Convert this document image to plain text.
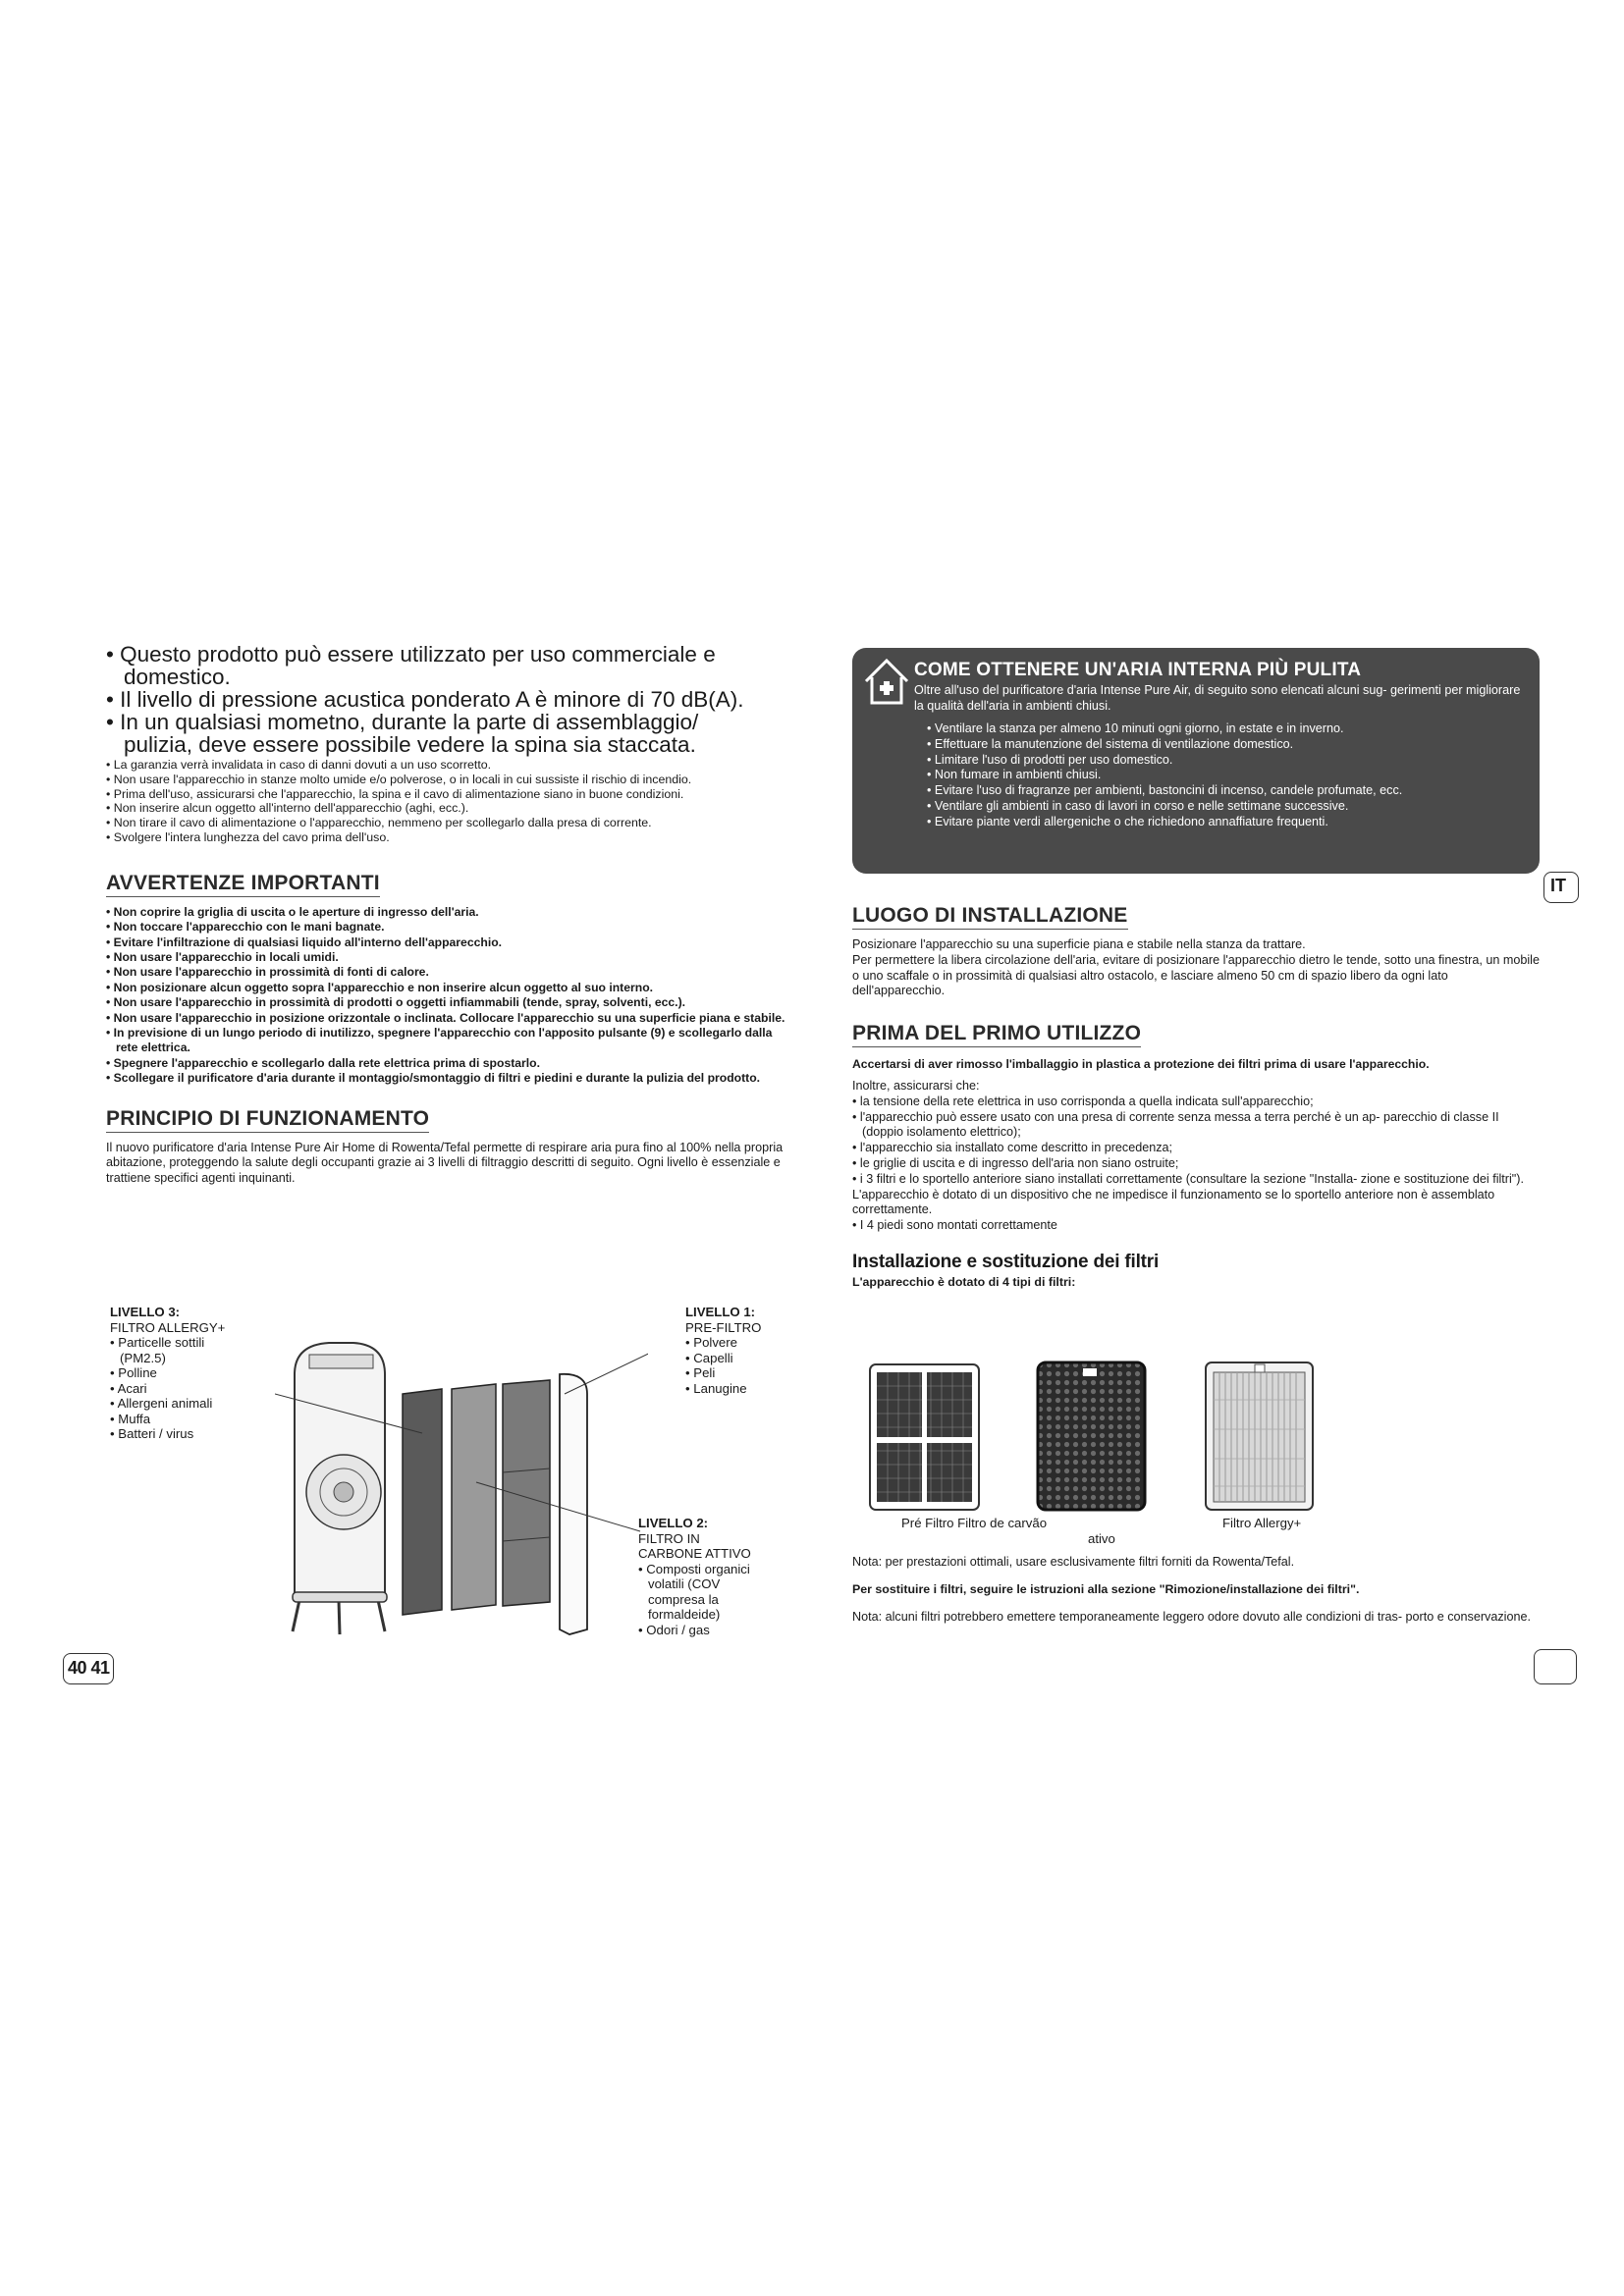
• Questo prodotto può essere utilizzato per uso commerciale e domestico.
• Il livello di pressione acustica ponderato A è minore di 70 dB(A).
• In un qualsiasi mometno, durante la parte di assemblaggio/ pulizia, deve essere possibile vedere la spina sia staccata.
• La garanzia verrà invalidata in caso di danni dovuti a un uso scorretto.
• Non usare l'apparecchio in stanze molto umide e/o polverose, o in locali in cui sussiste il rischio di incendio.
• Prima dell'uso, assicurarsi che l'apparecchio, la spina e il cavo di alimentazione siano in buone condizioni.
• Non inserire alcun oggetto all'interno dell'apparecchio (aghi, ecc.).
• Non tirare il cavo di alimentazione o l'apparecchio, nemmeno per scollegarlo dalla presa di corrente.
• Svolgere l'intera lunghezza del cavo prima dell'uso.
AVVERTENZE IMPORTANTI
• Non coprire la griglia di uscita o le aperture di ingresso dell'aria.
• Non toccare l'apparecchio con le mani bagnate.
• Evitare l'infiltrazione di qualsiasi liquido all'interno dell'apparecchio.
• Non usare l'apparecchio in locali umidi.
• Non usare l'apparecchio in prossimità di fonti di calore.
• Non posizionare alcun oggetto sopra l'apparecchio e non inserire alcun oggetto al suo interno.
• Non usare l'apparecchio in prossimità di prodotti o oggetti infiammabili (tende, spray, solventi, ecc.).
• Non usare l'apparecchio in posizione orizzontale o inclinata. Collocare l'apparecchio su una superficie piana e stabile.
• In previsione di un lungo periodo di inutilizzo, spegnere l'apparecchio con l'apposito pulsante (9) e scollegarlo dalla rete elettrica.
• Spegnere l'apparecchio e scollegarlo dalla rete elettrica prima di spostarlo.
• Scollegare il purificatore d'aria durante il montaggio/smontaggio di filtri e piedini e durante la pulizia del prodotto.
PRINCIPIO DI FUNZIONAMENTO

Il nuovo purificatore d'aria Intense Pure Air Home di Rowenta/Tefal permette di respirare aria pura fino al 100% nella propria abitazione, proteggendo la salute degli occupanti grazie ai 3 livelli di filtraggio descritti di seguito. Ogni livello è essenziale e trattiene specifici agenti inquinanti.

LIVELLO 3:
FILTRO ALLERGY+
• Particelle sottili (PM2.5)
• Polline
• Acari
• Allergeni animali
• Muffa
• Batteri / virus
LIVELLO 1:
PRE-FILTRO
• Polvere
• Capelli
• Peli
• Lanugine
LIVELLO 2:
FILTRO IN
CARBONE ATTIVO
• Composti organici volatili (COV compresa la formaldeide)
• Odori / gas
40 41
COME OTTENERE UN'ARIA INTERNA PIÙ PULITA
Oltre all'uso del purificatore d'aria Intense Pure Air, di seguito sono elencati alcuni sug- gerimenti per migliorare la qualità dell'aria in ambienti chiusi.
• Ventilare la stanza per almeno 10 minuti ogni giorno, in estate e in inverno.
• Effettuare la manutenzione del sistema di ventilazione domestico.
• Limitare l'uso di prodotti per uso domestico.
• Non fumare in ambienti chiusi.
• Evitare l'uso di fragranze per ambienti, bastoncini di incenso, candele profumate, ecc.
• Ventilare gli ambienti in caso di lavori in corso e nelle settimane successive.
• Evitare piante verdi allergeniche o che richiedono annaffiature frequenti.
IT
LUOGO DI INSTALLAZIONE

Posizionare l'apparecchio su una superficie piana e stabile nella stanza da trattare.

Per permettere la libera circolazione dell'aria, evitare di posizionare l'apparecchio dietro le tende, sotto una finestra, un mobile o uno scaffale o in prossimità di qualsiasi altro ostacolo, e lasciare almeno 50 cm di spazio libero da ogni lato dell'apparecchio.

PRIMA DEL PRIMO UTILIZZO

Accertarsi di aver rimosso l'imballaggio in plastica a protezione dei filtri prima di usare l'apparecchio.

Inoltre, assicurarsi che:

• la tensione della rete elettrica in uso corrisponda a quella indicata sull'apparecchio;
• l'apparecchio può essere usato con una presa di corrente senza messa a terra perché è un ap- parecchio di classe II (doppio isolamento elettrico);
• l'apparecchio sia installato come descritto in precedenza;
• le griglie di uscita e di ingresso dell'aria non siano ostruite;
• i 3 filtri e lo sportello anteriore siano installati correttamente (consultare la sezione "Installa- zione e sostituzione dei filtri").

L'apparecchio è dotato di un dispositivo che ne impedisce il funzionamento se lo sportello anteriore non è assemblato correttamente.

• I 4 piedi sono montati correttamente
Installazione e sostituzione dei filtri

L'apparecchio è dotato di 4 tipi di filtri:

Pré Filtro Filtro de carvão
ativo
Filtro Allergy+

Nota: per prestazioni ottimali, usare esclusivamente filtri forniti da Rowenta/Tefal.

Per sostituire i filtri, seguire le istruzioni alla sezione "Rimozione/installazione dei filtri".

Nota: alcuni filtri potrebbero emettere temporaneamente leggero odore dovuto alle condizioni di tras- porto e conservazione.
